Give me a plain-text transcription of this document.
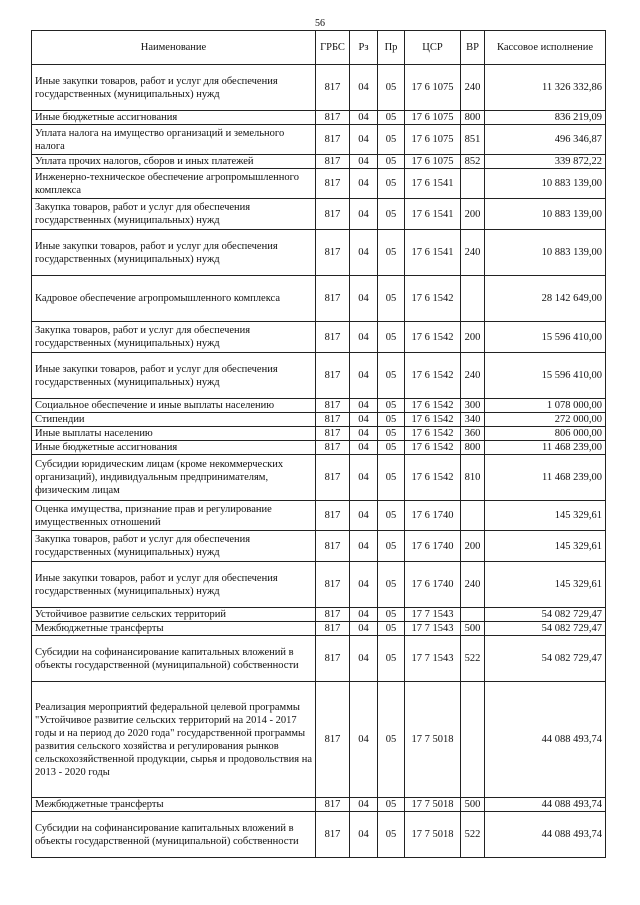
56
Наименование	ГРБС	Рз	Пр	ЦСР	ВР	Кассовое исполнение
Иные закупки товаров, работ и услуг для обеспечения государственных (муниципальных) нужд	817	04	05	17 6 1075	240	11 326 332,86
Иные бюджетные ассигнования	817	04	05	17 6 1075	800	836 219,09
Уплата налога на имущество организаций и земельного налога	817	04	05	17 6 1075	851	496 346,87
Уплата прочих налогов, сборов и иных платежей	817	04	05	17 6 1075	852	339 872,22
Инженерно-техническое обеспечение агропромышленного комплекса	817	04	05	17 6 1541		10 883 139,00
Закупка товаров, работ и услуг для обеспечения государственных (муниципальных) нужд	817	04	05	17 6 1541	200	10 883 139,00
Иные закупки товаров, работ и услуг для обеспечения государственных (муниципальных) нужд	817	04	05	17 6 1541	240	10 883 139,00
Кадровое обеспечение агропромышленного комплекса	817	04	05	17 6 1542		28 142 649,00
Закупка товаров, работ и услуг для обеспечения государственных (муниципальных) нужд	817	04	05	17 6 1542	200	15 596 410,00
Иные закупки товаров, работ и услуг для обеспечения государственных (муниципальных) нужд	817	04	05	17 6 1542	240	15 596 410,00
Социальное обеспечение и иные выплаты населению	817	04	05	17 6 1542	300	1 078 000,00
Стипендии	817	04	05	17 6 1542	340	272 000,00
Иные выплаты населению	817	04	05	17 6 1542	360	806 000,00
Иные бюджетные ассигнования	817	04	05	17 6 1542	800	11 468 239,00
Субсидии юридическим лицам (кроме некоммерческих организаций), индивидуальным предпринимателям, физическим лицам	817	04	05	17 6 1542	810	11 468 239,00
Оценка имущества, признание прав и регулирование имущественных отношений	817	04	05	17 6 1740		145 329,61
Закупка товаров, работ и услуг для обеспечения государственных (муниципальных) нужд	817	04	05	17 6 1740	200	145 329,61
Иные закупки товаров, работ и услуг для обеспечения государственных (муниципальных) нужд	817	04	05	17 6 1740	240	145 329,61
Устойчивое развитие сельских территорий	817	04	05	17 7 1543		54 082 729,47
Межбюджетные трансферты	817	04	05	17 7 1543	500	54 082 729,47
Субсидии на софинансирование капитальных вложений в объекты государственной (муниципальной) собственности	817	04	05	17 7 1543	522	54 082 729,47
Реализация мероприятий федеральной целевой программы "Устойчивое развитие сельских территорий на 2014 - 2017 годы и на период до 2020 года" государственной программы развития сельского хозяйства и регулирования рынков сельскохозяйственной продукции, сырья и продовольствия на 2013 - 2020 годы	817	04	05	17 7 5018		44 088 493,74
Межбюджетные трансферты	817	04	05	17 7 5018	500	44 088 493,74
Субсидии на софинансирование капитальных вложений в объекты государственной (муниципальной) собственности	817	04	05	17 7 5018	522	44 088 493,74
